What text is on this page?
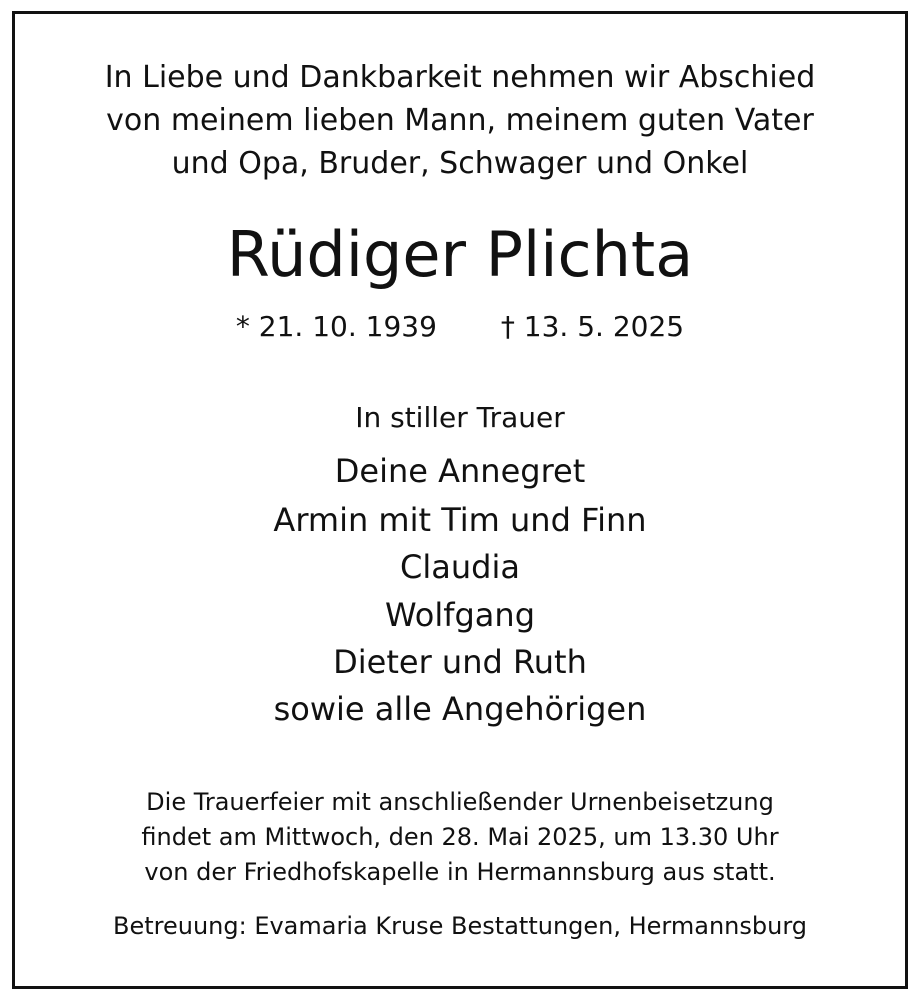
In Liebe und Dankbarkeit nehmen wir Abschied
von meinem lieben Mann, meinem guten Vater
und Opa, Bruder, Schwager und Onkel
Rüdiger Plichta
* 21. 10. 1939 † 13. 5. 2025
In stiller Trauer
Deine Annegret
Armin mit Tim und Finn
Claudia
Wolfgang
Dieter und Ruth
sowie alle Angehörigen
Die Trauerfeier mit anschließender Urnenbeisetzung
findet am Mittwoch, den 28. Mai 2025, um 13.30 Uhr
von der Friedhofskapelle in Hermannsburg aus statt.
Betreuung: Evamaria Kruse Bestattungen, Hermannsburg
